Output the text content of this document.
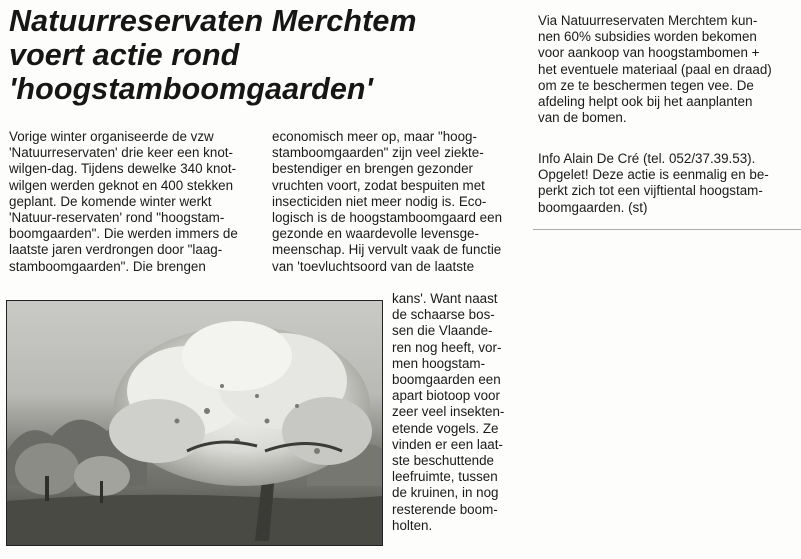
Natuurreservaten Merchtem
voert actie rond
'hoogstamboomgaarden'
Vorige winter organiseerde de vzw
'Natuurreservaten' drie keer een knot-
wilgen-dag. Tijdens dewelke 340 knot-
wilgen werden geknot en 400 stekken
geplant. De komende winter werkt
'Natuur-reservaten' rond "hoogstam-
boomgaarden". Die werden immers de
laatste jaren verdrongen door "laag-
stamboomgaarden". Die brengen
economisch meer op, maar "hoog-
stamboomgaarden" zijn veel ziekte-
bestendiger en brengen gezonder
vruchten voort, zodat bespuiten met
insecticiden niet meer nodig is. Eco-
logisch is de hoogstamboomgaard een
gezonde en waardevolle levensge-
meenschap. Hij vervult vaak de functie
van 'toevluchtsoord van de laatste
kans'. Want naast
de schaarse bos-
sen die Vlaande-
ren nog heeft, vor-
men hoogstam-
boomgaarden een
apart biotoop voor
zeer veel insekten-
etende vogels. Ze
vinden er een laat-
ste beschuttende
leefruimte, tussen
de kruinen, in nog
resterende boom-
holten.
Via Natuurreservaten Merchtem kun-
nen 60% subsidies worden bekomen
voor aankoop van hoogstambomen +
het eventuele materiaal (paal en draad)
om ze te beschermen tegen vee. De
afdeling helpt ook bij het aanplanten
van de bomen.
Info Alain De Cré (tel. 052/37.39.53).
Opgelet! Deze actie is eenmalig en be-
perkt zich tot een vijftiental hoogstam-
boomgaarden. (st)
